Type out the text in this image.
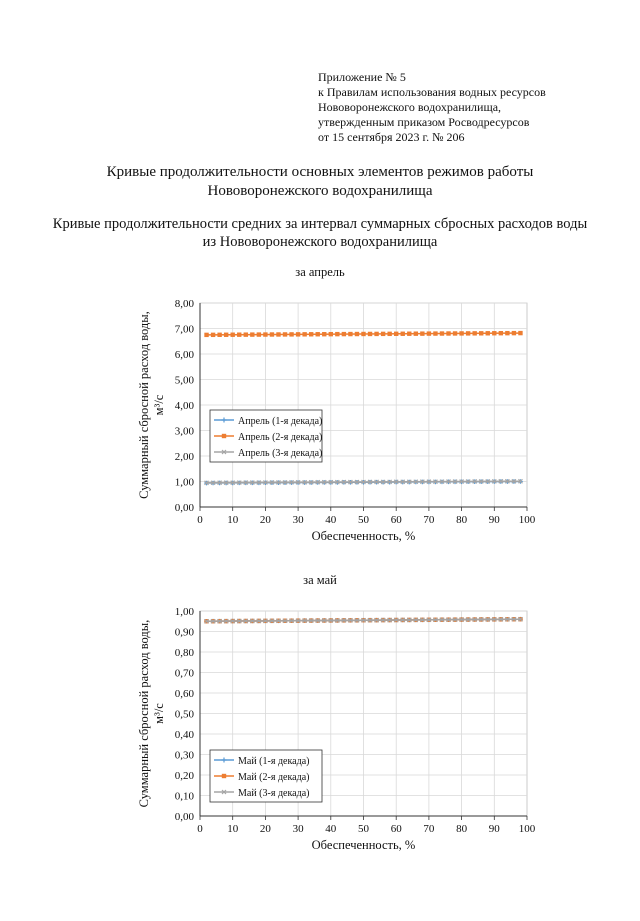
Приложение № 5
к Правилам использования водных ресурсов
Нововоронежского водохранилища,
утвержденным приказом Росводресурсов
от 15 сентября 2023 г. № 206
Кривые продолжительности основных элементов режимов работы
Нововоронежского водохранилища
Кривые продолжительности средних за интервал суммарных сбросных расходов воды
из Нововоронежского водохранилища
за апрель
0,00
1,00
2,00
3,00
4,00
5,00
6,00
7,00
8,00
0 10 20 30 40 50 60 70 80 90 100
Обеспеченность, %
Суммарный сбросной расход воды, м³/с
Апрель (1-я декада)
Апрель (2-я декада)
Апрель (3-я декада)
за май
0,00
0,10
0,20
0,30
0,40
0,50
0,60
0,70
0,80
0,90
1,00
0 10 20 30 40 50 60 70 80 90 100
Обеспеченность, %
Суммарный сбросной расход воды, м³/с
Май (1-я декада)
Май (2-я декада)
Май (3-я декада)
